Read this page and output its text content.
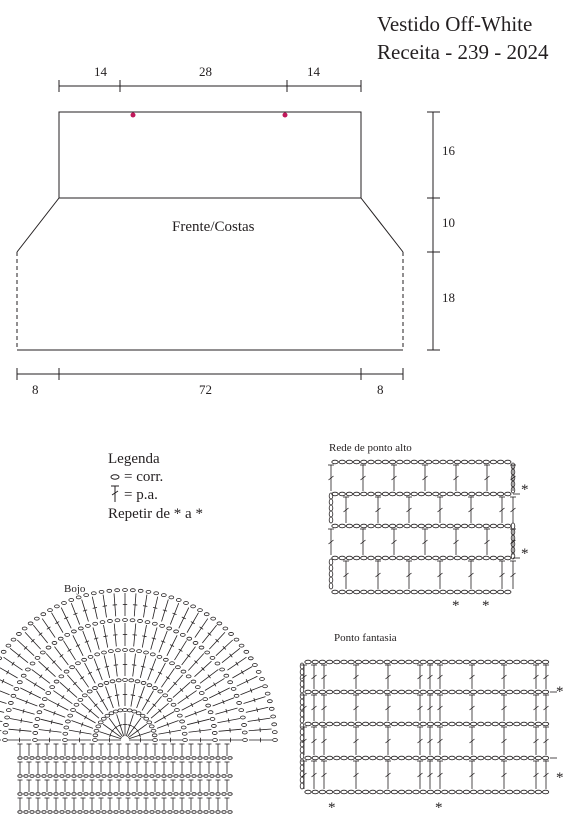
Vestido Off-White
Receita - 239 - 2024
14	28	14
Frente/Costas
16
10
18
8	72	8
Legenda
= corr.
= p.a.
Repetir de * a *
Rede de ponto alto
Ponto fantasia
Bojo
*
*
* *
*
*
*	*
